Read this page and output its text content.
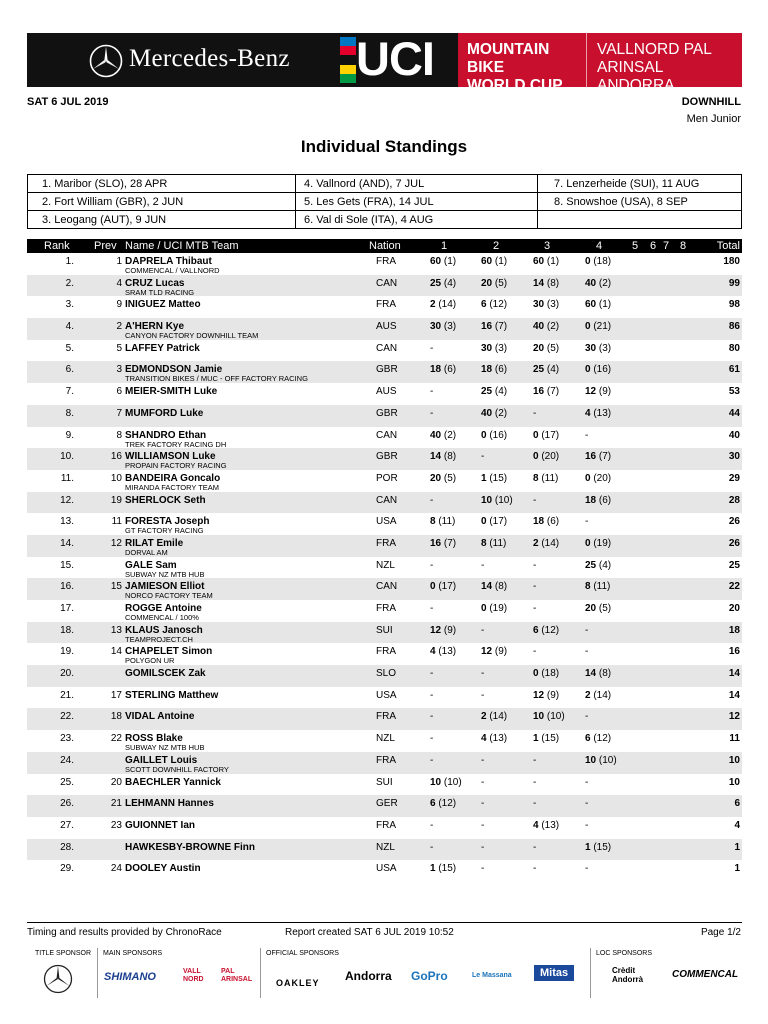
Mercedes-Benz UCI MOUNTAIN BIKE
WORLD CUP
VALLNORD PAL ARINSAL
ANDORRA
SAT 6 JUL 2019	DOWNHILL
Men Junior
Individual Standings
1. Maribor (SLO), 28 APR	4. Vallnord (AND), 7 JUL	7. Lenzerheide (SUI), 11 AUG
2. Fort William (GBR), 2 JUN	5. Les Gets (FRA), 14 JUL	8. Snowshoe (USA), 8 SEP
3. Leogang (AUT), 9 JUN	6. Val di Sole (ITA), 4 AUG	
Rank Prev Name / UCI MTB Team	Nation	1	2	3	4	5 6 7 8	Total
1.	1 DAPRELA Thibaut
COMMENCAL / VALLNORD
FRA	60 (1) 60 (1)	60 (1)	0 (18)	180
2.	4 CRUZ Lucas
SRAM TLD RACING
CAN	25 (4) 20 (5)	14 (8)	40 (2)	99
3.	9 INIGUEZ Matteo	FRA	2 (14) 6 (12)	30 (3)	60 (1)	98
4.	2 A'HERN Kye
CANYON FACTORY DOWNHILL TEAM
AUS	30 (3) 16 (7)	40 (2)	0 (21)	86
5.	5 LAFFEY Patrick	CAN	-	30 (3)	20 (5)	30 (3)	80
6.	3 EDMONDSON Jamie
TRANSITION BIKES / MUC - OFF FACTORY RACING
GBR	18 (6) 18 (6)	25 (4)	0 (16)	61
7.	6 MEIER-SMITH Luke	AUS	-	25 (4)	16 (7)	12 (9)	53
8.	7 MUMFORD Luke	GBR	-	40 (2)	-	4 (13)	44
9.	8 SHANDRO Ethan
TREK FACTORY RACING DH
CAN	40 (2) 0 (16)	0 (17)	-	40
10.	16 WILLIAMSON Luke
PROPAIN FACTORY RACING
GBR	14 (8) -	0 (20)	16 (7)	30
11.	10 BANDEIRA Goncalo
MIRANDA FACTORY TEAM
POR	20 (5) 1 (15)	8 (11)	0 (20)	29
12.	19 SHERLOCK Seth	CAN	-	10 (10) -	18 (6)	28
13.	11 FORESTA Joseph
GT FACTORY RACING
USA	8 (11)	0 (17)	18 (6)	-	26
14.	12 RILAT Emile
DORVAL AM
FRA	16 (7) 8 (11)	2 (14)	0 (19)	26
15.	GALE Sam
SUBWAY NZ MTB HUB
NZL	-	-	-	25 (4)	25
16.	15 JAMIESON Elliot
NORCO FACTORY TEAM
CAN	0 (17) 14 (8)	-	8 (11)	22
17.	ROGGE Antoine
COMMENCAL / 100%
FRA	-	0 (19)	-	20 (5)	20
18.	13 KLAUS Janosch
TEAMPROJECT.CH
SUI	12 (9) -	6 (12)	-	18
19.	14 CHAPELET Simon
POLYGON UR
FRA	4 (13) 12 (9)	-	-	16
20.	GOMILSCEK Zak	SLO	-	-	0 (18)	14 (8)	14
21.	17 STERLING Matthew	USA	-	-	12 (9)	2 (14)	14
22.	18 VIDAL Antoine	FRA	-	2 (14)	10 (10) -	12
23.	22 ROSS Blake
SUBWAY NZ MTB HUB
NZL	-	4 (13)	1 (15)	6 (12)	11
24.	GAILLET Louis
SCOTT DOWNHILL FACTORY
FRA	-	-	-	10 (10)	10
25.	20 BAECHLER Yannick	SUI	10 (10) -	-	-	10
26.	21 LEHMANN Hannes	GER	6 (12) -	-	-	6
27.	23 GUIONNET Ian	FRA	-	-	4 (13)	-	4
28.	HAWKESBY-BROWNE Finn	NZL	-	-	-	1 (15)	1
29.	24 DOOLEY Austin	USA	1 (15) -	-	-	1
Timing and results provided by ChronoRace	Report created SAT 6 JUL 2019 10:52	Page 1/2
TITLE SPONSOR MAIN SPONSORS
SHIMANO	VALL NORD
PAL ARINSAL
OFFICIAL SPONSORS
OAKLEY Andorra GoPro	Le Massana	Mitas
LOC SPONSORS
Crèdit Andorrà	COMMENCAL
